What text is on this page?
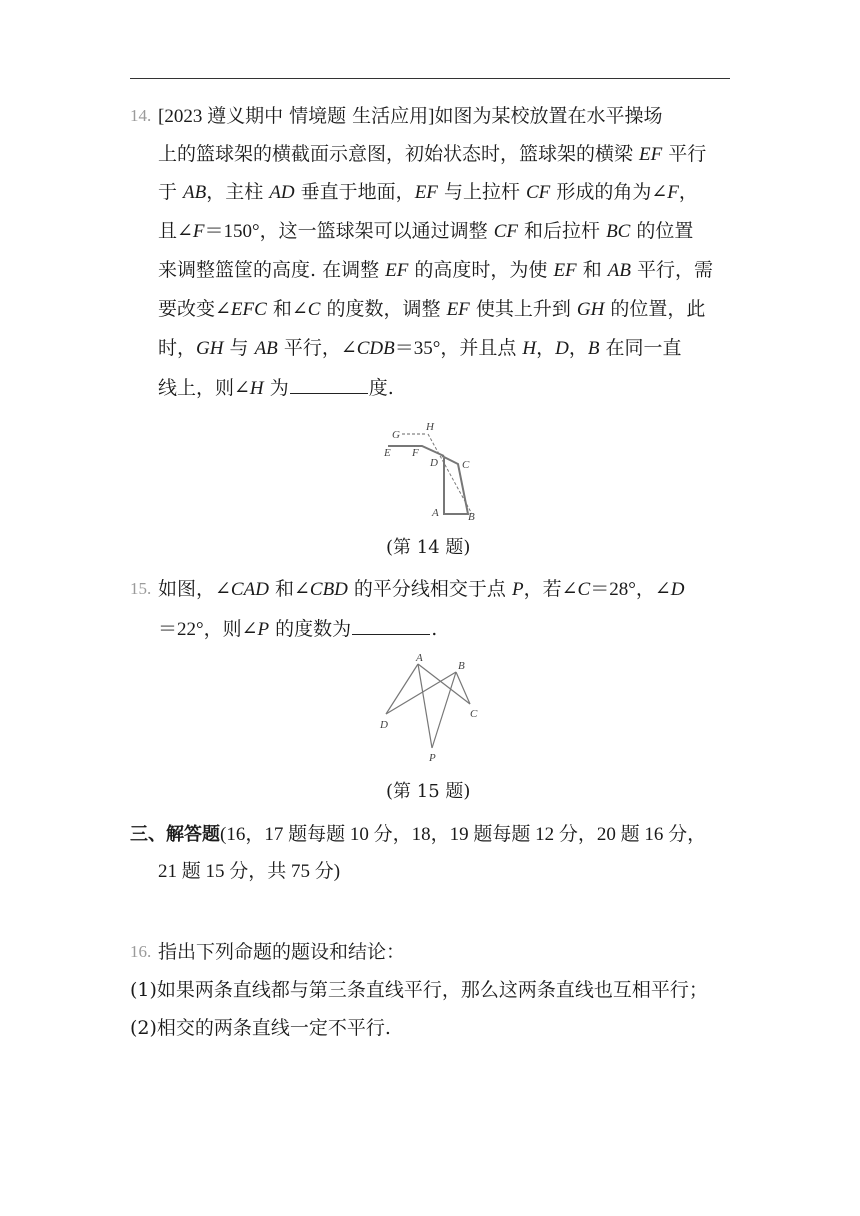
14. [2023 遵义期中 情境题 生活应用]如图为某校放置在水平操场
上的篮球架的横截面示意图，初始状态时，篮球架的横梁 EF 平行
于 AB，主柱 AD 垂直于地面，EF 与上拉杆 CF 形成的角为∠F，
且∠F＝150°，这一篮球架可以通过调整 CF 和后拉杆 BC 的位置
来调整篮筐的高度. 在调整 EF 的高度时，为使 EF 和 AB 平行，需
要改变∠EFC 和∠C 的度数，调整 EF 使其上升到 GH 的位置，此
时，GH 与 AB 平行，∠CDB＝35°，并且点 H，D，B 在同一直
线上，则∠H 为	度.
G
H
E F
D C
A	B
(第 14 题)
15. 如图，∠CAD 和∠CBD 的平分线相交于点 P，若∠C＝28°，∠D
＝22°，则∠P 的度数为	.
A
B
C
D
P
(第 15 题)
三、解答题(16，17 题每题 10 分，18，19 题每题 12 分，20 题 16 分，
21 题 15 分，共 75 分)
16. 指出下列命题的题设和结论：
(1)如果两条直线都与第三条直线平行，那么这两条直线也互相平行；
(2)相交的两条直线一定不平行.
